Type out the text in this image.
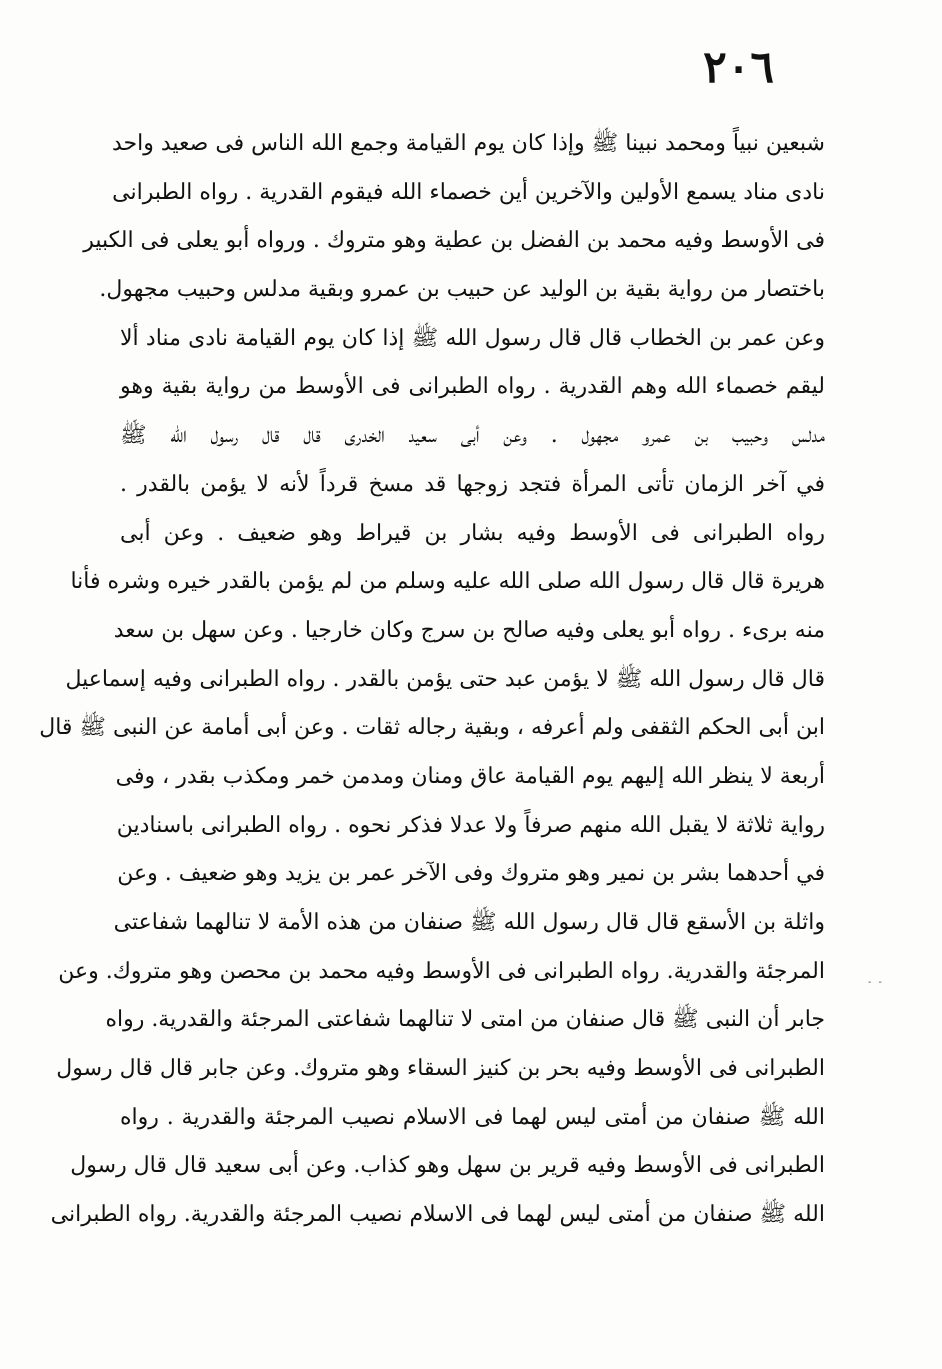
٢٠٦
شبعين نبياً ومحمد نبينا ﷺ وإذا كان يوم القيامة وجمع الله الناس فى صعيد واحد
نادى مناد يسمع الأولين والآخرين أين خصماء الله فيقوم القدرية . رواه الطبرانى
فى الأوسط وفيه محمد بن الفضل بن عطية وهو متروك . ورواه أبو يعلى فى الكبير
باختصار من رواية بقية بن الوليد عن حبيب بن عمرو وبقية مدلس وحبيب مجهول.
وعن عمر بن الخطاب قال قال رسول الله ﷺ إذا كان يوم القيامة نادى مناد ألا
ليقم خصماء الله وهم القدرية . رواه الطبرانى فى الأوسط من رواية بقية وهو
مدلس وحبيب بن عمرو مجهول . وعن أبى سعيد الخدرى قال قال رسول الله ﷺ
في آخر الزمان تأتى المرأة فتجد زوجها قد مسخ قرداً لأنه لا يؤمن بالقدر .
رواه الطبرانى فى الأوسط وفيه بشار بن قيراط وهو ضعيف . وعن أبى
هريرة قال قال رسول الله صلى الله عليه وسلم من لم يؤمن بالقدر خيره وشره فأنا
منه برىء . رواه أبو يعلى وفيه صالح بن سرج وكان خارجيا . وعن سهل بن سعد
قال قال رسول الله ﷺ لا يؤمن عبد حتى يؤمن بالقدر . رواه الطبرانى وفيه إسماعيل
ابن أبى الحكم الثقفى ولم أعرفه ، وبقية رجاله ثقات . وعن أبى أمامة عن النبى ﷺ قال
أربعة لا ينظر الله إليهم يوم القيامة عاق ومنان ومدمن خمر ومكذب بقدر ، وفى
رواية ثلاثة لا يقبل الله منهم صرفاً ولا عدلا فذكر نحوه . رواه الطبرانى باسنادين
في أحدهما بشر بن نمير وهو متروك وفى الآخر عمر بن يزيد وهو ضعيف . وعن
واثلة بن الأسقع قال قال رسول الله ﷺ صنفان من هذه الأمة لا تنالهما شفاعتى
المرجئة والقدرية. رواه الطبرانى فى الأوسط وفيه محمد بن محصن وهو متروك. وعن
جابر أن النبى ﷺ قال صنفان من امتى لا تنالهما شفاعتى المرجئة والقدرية. رواه
الطبرانى فى الأوسط وفيه بحر بن كنيز السقاء وهو متروك. وعن جابر قال قال رسول
الله ﷺ صنفان من أمتى ليس لهما فى الاسلام نصيب المرجئة والقدرية . رواه
الطبرانى فى الأوسط وفيه قرير بن سهل وهو كذاب. وعن أبى سعيد قال قال رسول
الله ﷺ صنفان من أمتى ليس لهما فى الاسلام نصيب المرجئة والقدرية. رواه الطبرانى
- -
